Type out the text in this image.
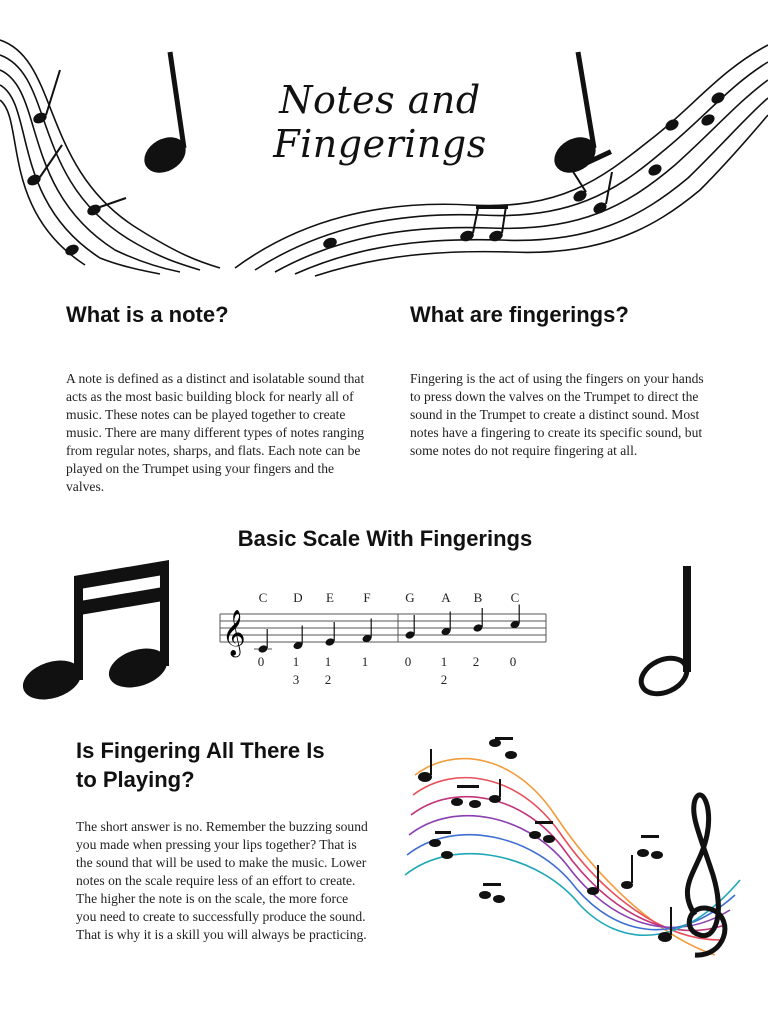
Notes and Fingerings
What is a note?
A note is defined as a distinct and isolatable sound that acts as the most basic building block for nearly all of music. These notes can be played together to create music. There are many different types of notes ranging from regular notes, sharps, and flats. Each note can be played on the Trumpet using your fingers and the valves.
What are fingerings?
Fingering is the act of using the fingers on your hands to press down the valves on the Trumpet to direct the sound in the Trumpet to create a distinct sound. Most notes have a fingering to create its specific sound, but some notes do not require fingering at all.
Basic Scale With Fingerings
𝄞
C
0
D
1
3
E
1
2
F
1
G
0
A
1
2
B
2
C
0
Is Fingering All There Is
to Playing?
The short answer is no. Remember the buzzing sound you made when pressing your lips together? That is the sound that will be used to make the music. Lower notes on the scale require less of an effort to create. The higher the note is on the scale, the more force you need to create to successfully produce the sound. That is why it is a skill you will always be practicing.
